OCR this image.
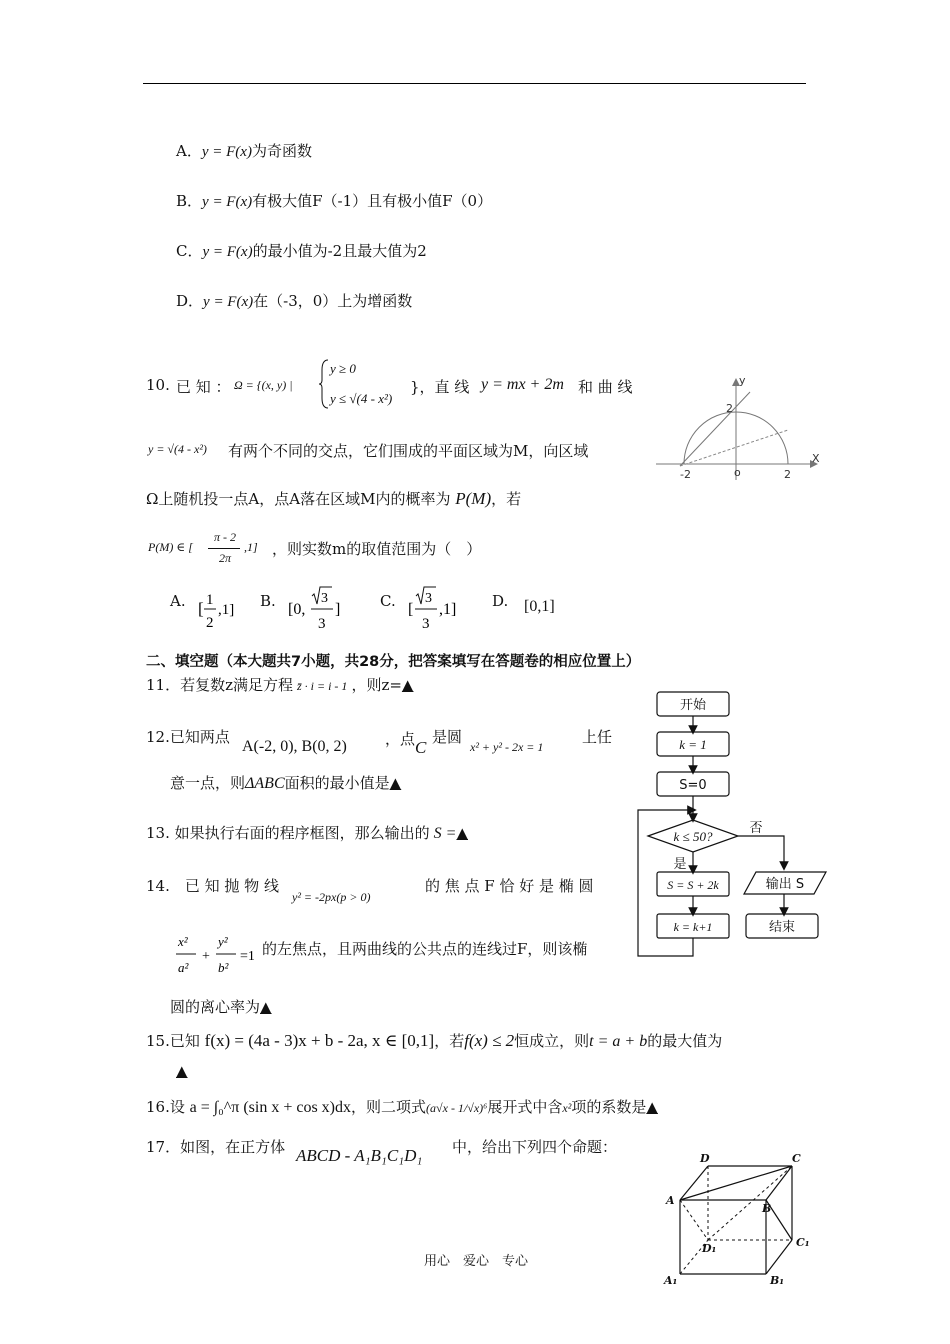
A．y = F(x)为奇函数
B．y = F(x)有极大值F（-1）且有极小值F（0）
C．y = F(x)的最小值为-2且最大值为2
D．y = F(x)在（-3，0）上为增函数
10. 已 知 ： Ω = {(x, y) |
y ≥ 0
y ≤ √(4 - x²)
}，直 线 y = mx + 2m 和 曲 线
y = √(4 - x²) 有两个不同的交点，它们围成的平面区域为M，向区域
Ω上随机投一点A，点A落在区域M内的概率为 P(M)，若
P(M) ∈ [
π - 2
2π
,1] ，则实数m的取值范围为（　）
A. [ 1
2
,1] B. [0,
3
3
]	C. [
3
3
,1] D. [0,1]
y
X
2
-2	o	2
二、填空题（本大题共7小题，共28分，把答案填写在答题卷的相应位置上）
11．若复数z满足方程 z̄ · i = i - 1 ，则z=▲
12.已知两点
A(-2, 0), B(0, 2)	，点 C
是圆
x² + y² - 2x = 1
上任
意一点，则ΔABC面积的最小值是▲
13. 如果执行右面的程序框图，那么输出的 S =▲
14.　 已 知 抛 物 线
y² = -2px(p > 0)
的 焦 点 F 恰 好 是 椭 圆
x²
a²
+
y²
b²
=1 的左焦点，且两曲线的公共点的连线过F，则该椭
圆的离心率为▲
15.已知 f(x) = (4a - 3)x + b - 2a, x ∈ [0,1]，若f(x) ≤ 2恒成立，则t = a + b的最大值为
▲
16.设 a = ∫₀^π (sin x + cos x)dx，则二项式(a√x - 1/√x)⁶展开式中含x²项的系数是▲
17．如图，在正方体 ABCD - A₁B₁C₁D₁ 中，给出下列四个命题：
开始
k = 1
S=0
k ≤ 50?
否
是
S = S + 2k
k = k+1
输出 S
结束
D	C
A
B
D₁	C₁
A₁	B₁
用心　爱心　专心
